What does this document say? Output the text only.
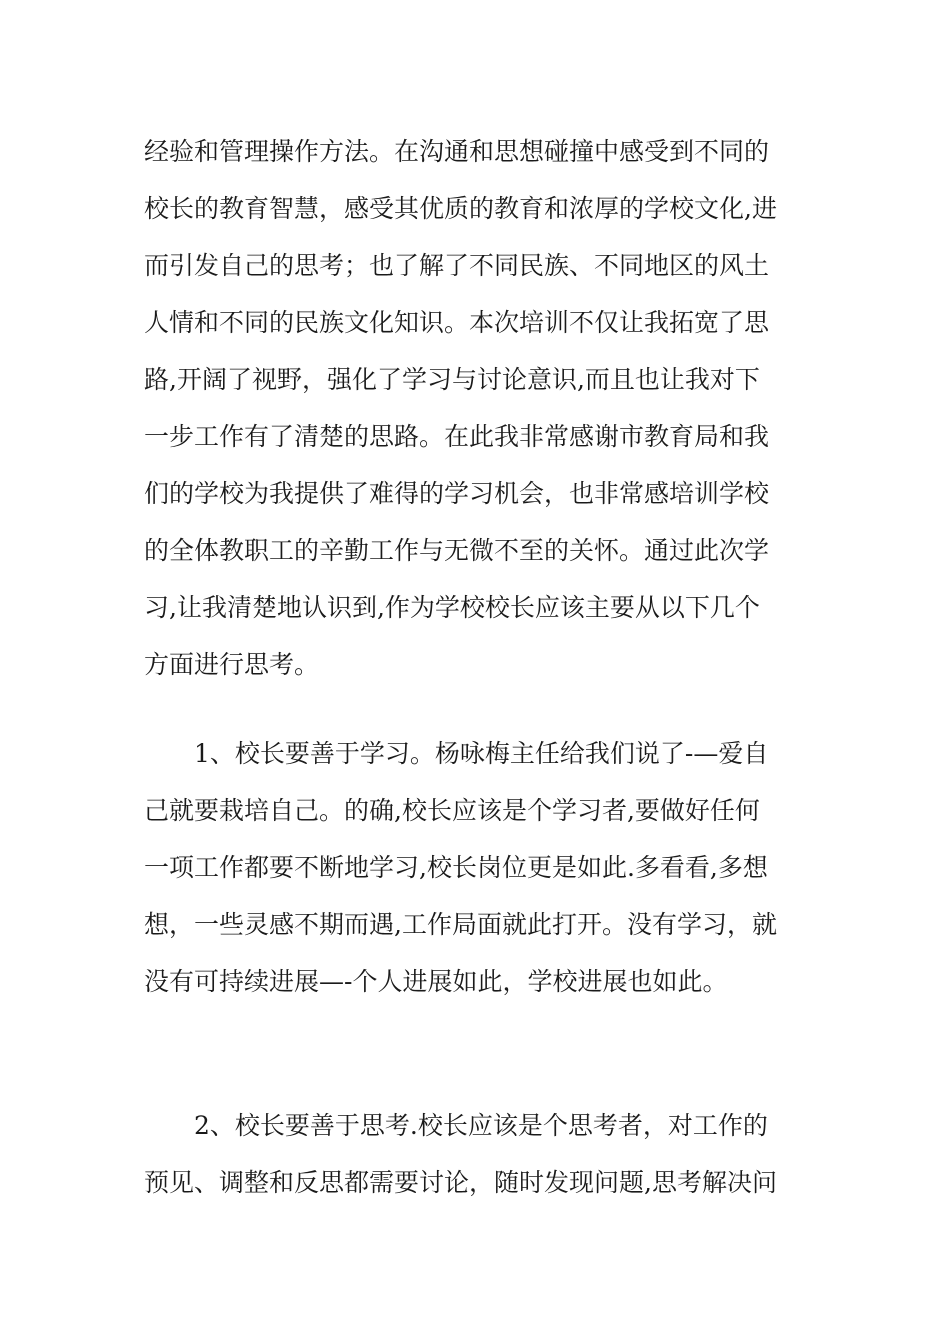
经验和管理操作方法。在沟通和思想碰撞中感受到不同的
校长的教育智慧，感受其优质的教育和浓厚的学校文化,进
而引发自己的思考；也了解了不同民族、不同地区的风土
人情和不同的民族文化知识。本次培训不仅让我拓宽了思
路,开阔了视野，强化了学习与讨论意识,而且也让我对下
一步工作有了清楚的思路。在此我非常感谢市教育局和我
们的学校为我提供了难得的学习机会，也非常感培训学校
的全体教职工的辛勤工作与无微不至的关怀。通过此次学
习,让我清楚地认识到,作为学校校长应该主要从以下几个
方面进行思考。
　　1、校长要善于学习。杨咏梅主任给我们说了-—爱自
己就要栽培自己。的确,校长应该是个学习者,要做好任何
一项工作都要不断地学习,校长岗位更是如此.多看看,多想
想，一些灵感不期而遇,工作局面就此打开。没有学习，就
没有可持续进展—-个人进展如此，学校进展也如此。
　　2、校长要善于思考.校长应该是个思考者，对工作的
预见、调整和反思都需要讨论，随时发现问题,思考解决问
